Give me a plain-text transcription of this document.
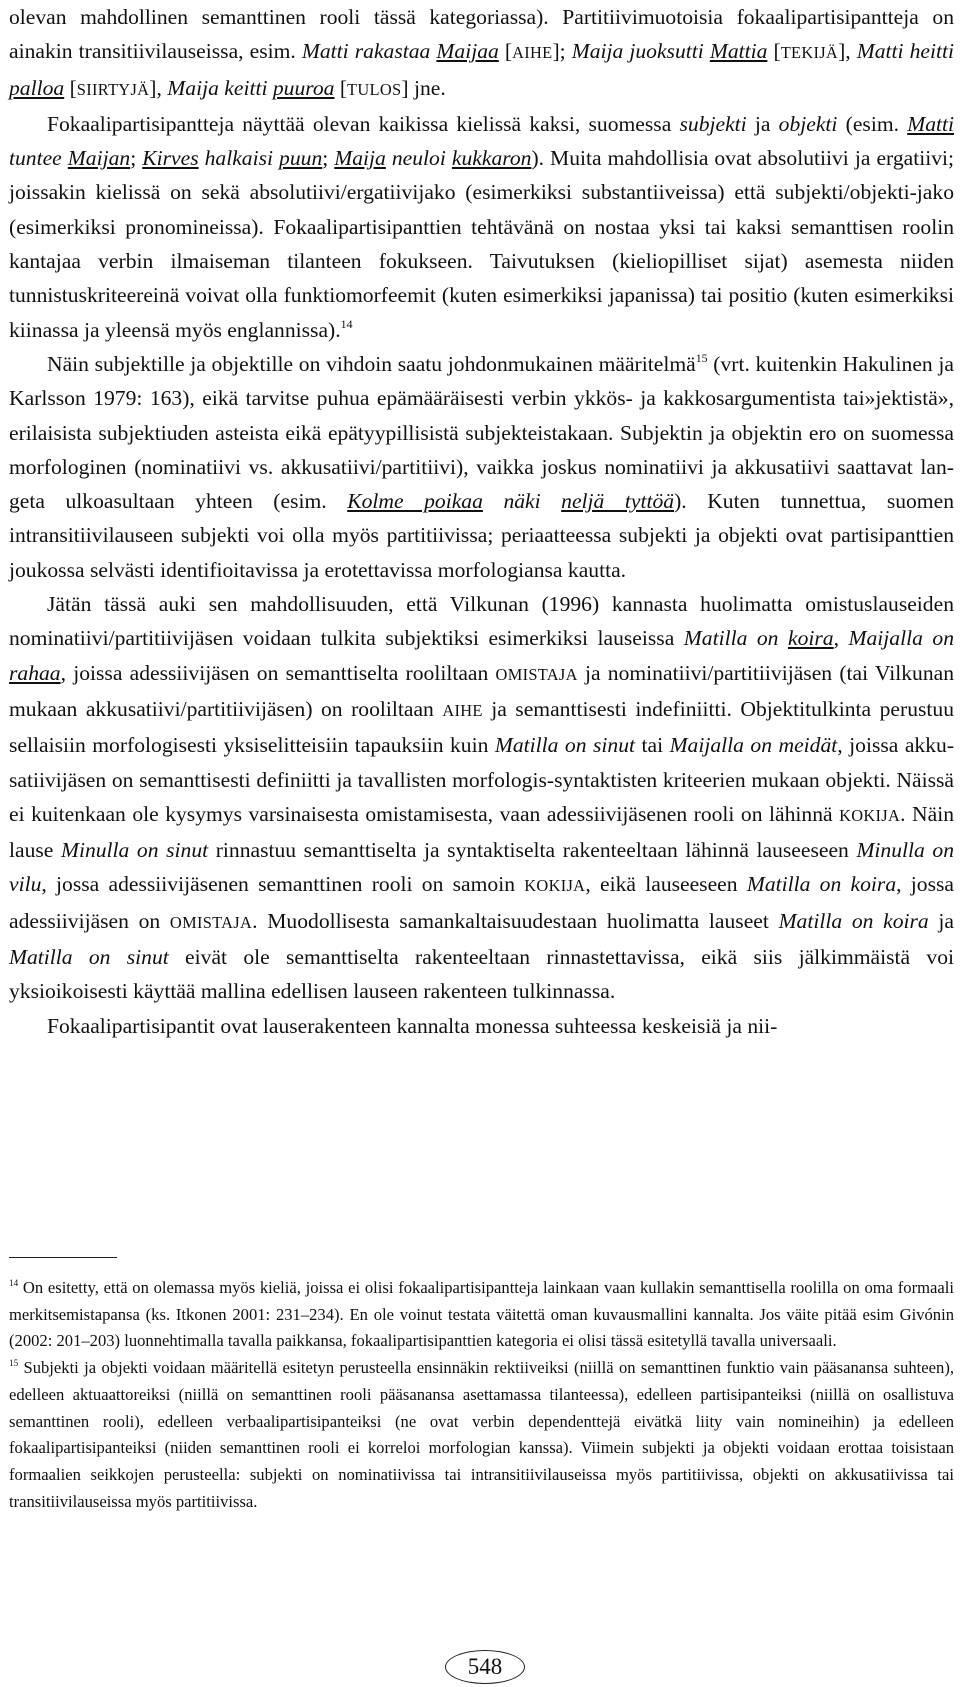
olevan mahdollinen semanttinen rooli tässä kategoriassa). Partitiivimuotoisia fokaalipartisipantteja on ainakin transitiivilauseissa, esim. Matti rakastaa Maijaa [AIHE]; Maija juoksutti Mattia [TEKIJÄ], Matti heitti palloa [SIIRTYJÄ], Maija keitti puuroa [TULOS] jne.

Fokaalipartisipantteja näyttää olevan kaikissa kielissä kaksi, suomessa subjekti ja objekti (esim. Matti tuntee Maijan; Kirves halkaisi puun; Maija neuloi kukkaron). Muita mahdollisia ovat absolutiivi ja ergatiivi; joissakin kielissä on sekä absolutiivi/ergatiivijako (esimerkiksi substantiiveissa) että subjekti/objekti-jako (esimerkiksi pronomineissa). Fokaalipartisipanttien tehtävänä on nostaa yksi tai kaksi semanttisen roolin kantajaa verbin ilmaiseman tilanteen fokukseen. Taivutuksen (kieliopilliset sijat) asemesta niiden tunnistuskriteereinä voivat olla funktiomorfeemit (kuten esimerkiksi japanissa) tai positio (kuten esimerkiksi kiinassa ja yleensä myös englannissa).$^{14}$

Näin subjektille ja objektille on vihdoin saatu johdonmukainen määritelmä$^{15}$ (vrt. kuitenkin Hakulinen ja Karlsson 1979: 163), eikä tarvitse puhua epämääräisesti verbin ykkös- ja kakkosargumentista tai»jektistä», erilaisista subjektiuden asteista eikä epätyypillisistä subjekteistakaan. Subjektin ja objektin ero on suomessa morfologinen (nominatiivi vs. akkusatiivi/partitiivi), vaikka joskus nominatiivi ja akkusatiivi saattavat langeta ulkoasultaan yhteen (esim. Kolme poikaa näki neljä tyttöä). Kuten tunnettua, suomen intransitiivilauseen subjekti voi olla myös partitiivissa; periaatteessa subjekti ja objekti ovat partisipanttien joukossa selvästi identifioitavissa ja erotettavissa morfologiansa kautta.

Jätän tässä auki sen mahdollisuuden, että Vilkunan (1996) kannasta huolimatta omistuslauseiden nominatiivi/partitiivijäsen voidaan tulkita subjektiksi esimerkiksi lauseissa Matilla on koira, Maijalla on rahaa, joissa adessiivijäsen on semanttiselta rooliltaan OMISTAJA ja nominatiivi/partitiivijäsen (tai Vilkunan mukaan akkusatiivi/partitiivijäsen) on rooliltaan AIHE ja semanttisesti indefiniitti. Objektitulkinta perustuu sellaisiin morfologisesti yksiselitteisiin tapauksiin kuin Matilla on sinut tai Maijalla on meidät, joissa akkusatiivijäsen on semanttisesti definiitti ja tavallisten morfologis-syntaktisten kriteerien mukaan objekti. Näissä ei kuitenkaan ole kysymys varsinaisesta omistamisesta, vaan adessiivijäsenen rooli on lähinnä KOKIJA. Näin lause Minulla on sinut rinnastuu semanttiselta ja syntaktiselta rakenteeltaan lähinnä lauseeseen Minulla on vilu, jossa adessiivijäsenen semanttinen rooli on samoin KOKIJA, eikä lauseeseen Matilla on koira, jossa adessiivijäsen on OMISTAJA. Muodollisesta samankaltaisuudestaan huolimatta lauseet Matilla on koira ja Matilla on sinut eivät ole semanttiselta rakenteeltaan rinnastettavissa, eikä siis jälkimmäistä voi yksioikoisesti käyttää mallina edellisen lauseen rakenteen tulkinnassa.

Fokaalipartisipantit ovat lauserakenteen kannalta monessa suhteessa keskeisiä ja nii-

$^{14}$ On esitetty, että on olemassa myös kieliä, joissa ei olisi fokaalipartisipantteja lainkaan vaan kullakin semanttisella roolilla on oma formaali merkitsemistapansa (ks. Itkonen 2001: 231–234). En ole voinut testata väitettä oman kuvausmallini kannalta. Jos väite pitää esim Givónin (2002: 201–203) luonnehtimalla tavalla paikkansa, fokaalipartisipanttien kategoria ei olisi tässä esitetyllä tavalla universaali.

$^{15}$ Subjekti ja objekti voidaan määritellä esitetyn perusteella ensinnäkin rektiiveiksi (niillä on semanttinen funktio vain pääsanansa suhteen), edelleen aktuaattoreiksi (niillä on semanttinen rooli pääsanansa asettamassa tilanteessa), edelleen partisipanteiksi (niillä on osallistuva semanttinen rooli), edelleen verbaalipartisipanteiksi (ne ovat verbin dependenttejä eivätkä liity vain nomineihin) ja edelleen fokaalipartisipanteiksi (niiden semanttinen rooli ei korreloi morfologian kanssa). Viimein subjekti ja objekti voidaan erottaa toisistaan formaalien seikkojen perusteella: subjekti on nominatiivissa tai intransitiivilauseissa myös partitiivissa, objekti on akkusatiivissa tai transitiivilauseissa myös partitiivissa.

548
